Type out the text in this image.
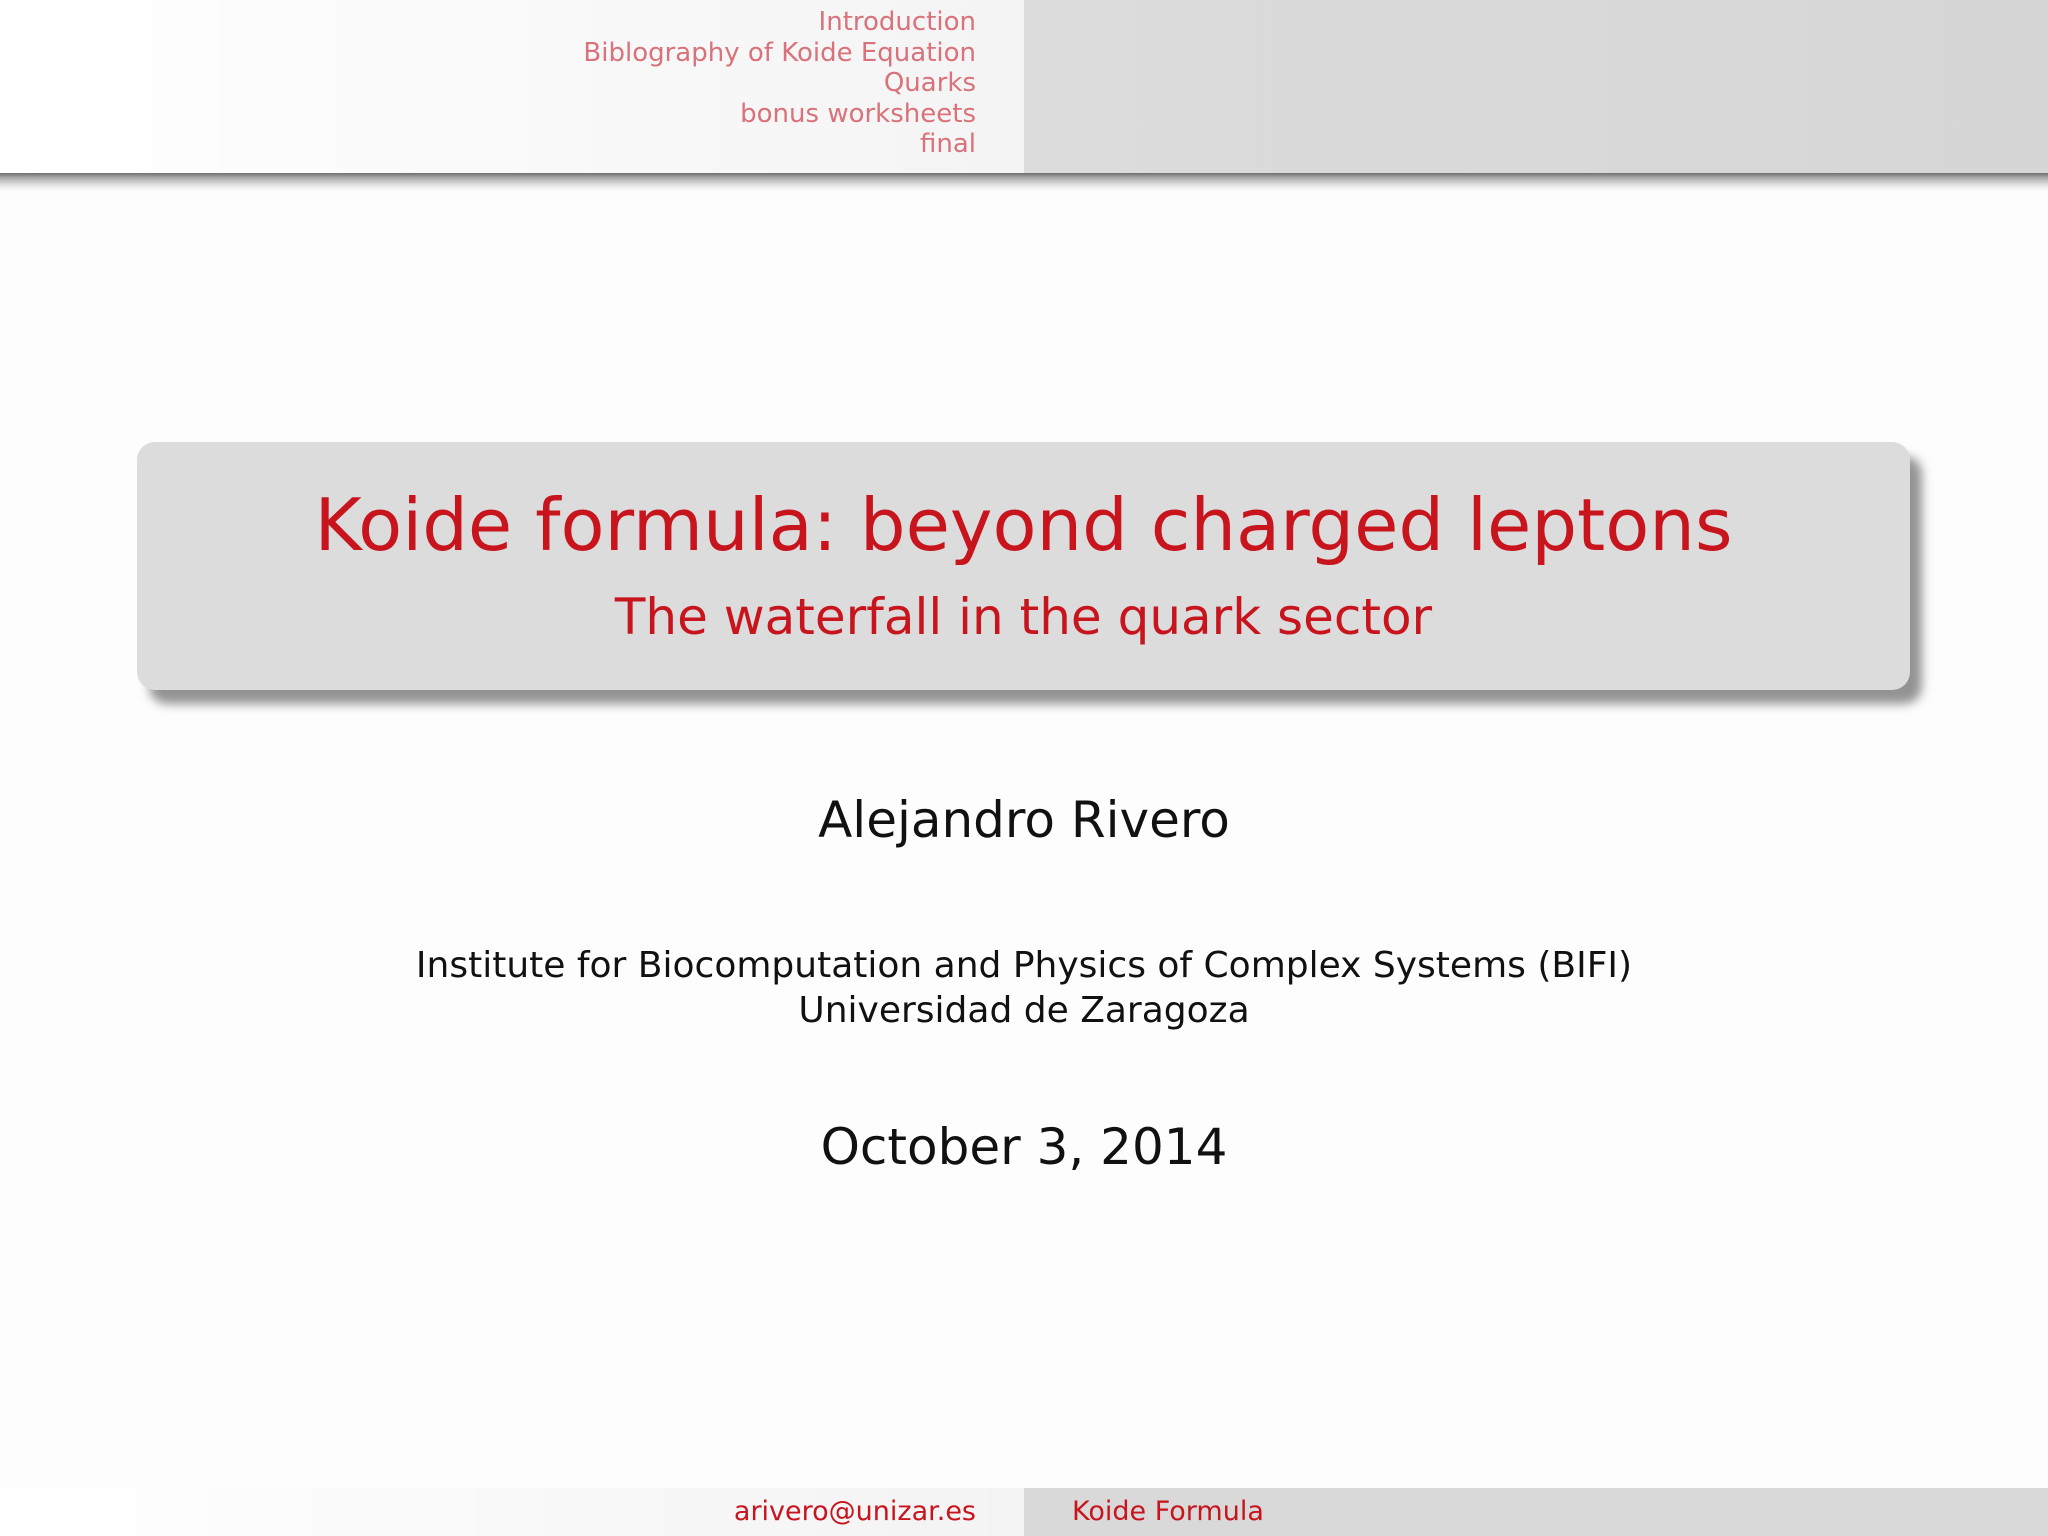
Introduction
Biblography of Koide Equation
Quarks
bonus worksheets
final
Koide formula: beyond charged leptons
The waterfall in the quark sector
Alejandro Rivero
Institute for Biocomputation and Physics of Complex Systems (BIFI)
Universidad de Zaragoza
October 3, 2014
arivero@unizar.es	Koide Formula
